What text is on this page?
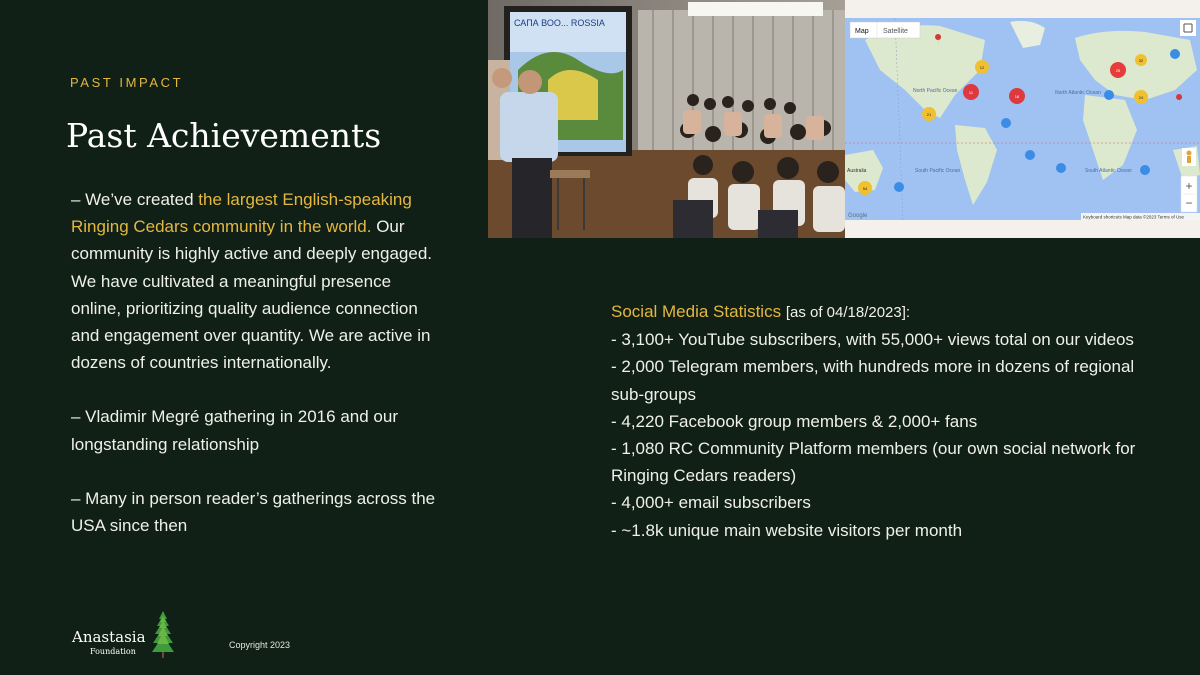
PAST IMPACT
Past Achievements

– We’ve created the largest English-speaking Ringing Cedars community in the world. Our community is highly active and deeply engaged. We have cultivated a meaningful presence online, prioritizing quality audience connection and engagement over quantity. We are active in dozens of countries internationally.

– Vladimir Megré gathering in 2016 and our longstanding relationship

– Many in person reader’s gatherings across the USA since then

САПА ВОО... ROSSIA
North Pacific Ocean	North Atlantic Ocean
South Pacific Ocean	South Atlantic Ocean
Australia
12
21
24
32
54
11
16
25
Map Satellite
+
−
Google	Keyboard shortcuts Map data ©2023 Terms of Use
Social Media Statistics [as of 04/18/2023]:
- 3,100+ YouTube subscribers, with 55,000+ views total on our videos
- 2,000 Telegram members, with hundreds more in dozens of regional sub-groups
- 4,220 Facebook group members & 2,000+ fans
- 1,080 RC Community Platform members (our own social network for Ringing Cedars readers)
- 4,000+ email subscribers
- ~1.8k unique main website visitors per month
Anastasia
Foundation
Copyright 2023
